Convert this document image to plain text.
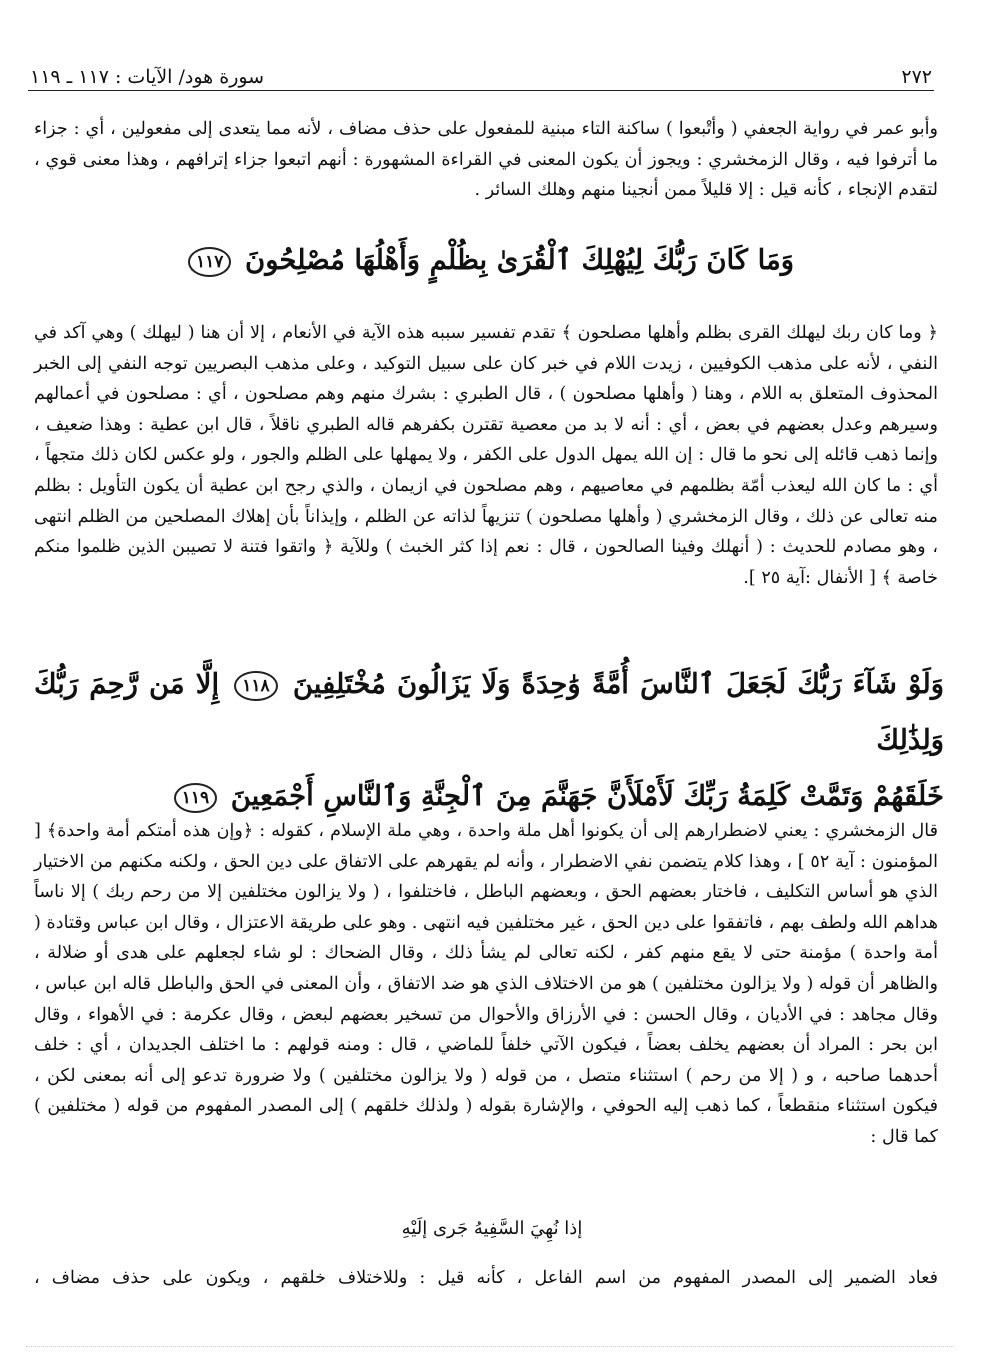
٢٧٢
سورة هود/ الآيات : ١١٧ ـ ١١٩

وأبو عمر في رواية الجعفي ( وأتْبعوا ) ساكنة التاء مبنية للمفعول على حذف مضاف ، لأنه مما يتعدى إلى مفعولين ، أي : جزاء ما أترفوا فيه ، وقال الزمخشري : ويجوز أن يكون المعنى في القراءة المشهورة : أنهم اتبعوا جزاء إترافهم ، وهذا معنى قوي ، لتقدم الإنجاء ، كأنه قيل : إلا قليلاً ممن أنجينا منهم وهلك السائر .

وَمَا كَانَ رَبُّكَ لِيُهْلِكَ ٱلْقُرَىٰ بِظُلْمٍ وَأَهْلُهَا مُصْلِحُونَ ١١٧

﴿ وما كان ربك ليهلك القرى بظلم وأهلها مصلحون ﴾ تقدم تفسير سببه هذه الآية في الأنعام ، إلا أن هنا ( ليهلك ) وهي آكد في النفي ، لأنه على مذهب الكوفيين ، زيدت اللام في خبر كان على سبيل التوكيد ، وعلى مذهب البصريين توجه النفي إلى الخبر المحذوف المتعلق به اللام ، وهنا ( وأهلها مصلحون ) ، قال الطبري : بشرك منهم وهم مصلحون ، أي : مصلحون في أعمالهم وسيرهم وعدل بعضهم في بعض ، أي : أنه لا بد من معصية تقترن بكفرهم قاله الطبري ناقلاً ، قال ابن عطية : وهذا ضعيف ، وإنما ذهب قائله إلى نحو ما قال : إن الله يمهل الدول على الكفر ، ولا يمهلها على الظلم والجور ، ولو عكس لكان ذلك متجهاً ، أي : ما كان الله ليعذب أمّة بظلمهم في معاصيهم ، وهم مصلحون في ازيمان ، والذي رجح ابن عطية أن يكون التأويل : بظلم منه تعالى عن ذلك ، وقال الزمخشري ( وأهلها مصلحون ) تنزيهاً لذاته عن الظلم ، وإيذاناً بأن إهلاك المصلحين من الظلم انتهى ، وهو مصادم للحديث : ( أنهلك وفينا الصالحون ، قال : نعم إذا كثر الخبث ) وللآية ﴿ واتقوا فتنة لا تصيبن الذين ظلموا منكم خاصة ﴾ [ الأنفال :آية ٢٥ ].

وَلَوْ شَآءَ رَبُّكَ لَجَعَلَ ٱلنَّاسَ أُمَّةً وَٰحِدَةً وَلَا يَزَالُونَ مُخْتَلِفِينَ ١١٨ إِلَّا مَن رَّحِمَ رَبُّكَ وَلِذَٰلِكَ
خَلَقَهُمْ وَتَمَّتْ كَلِمَةُ رَبِّكَ لَأَمْلَأَنَّ جَهَنَّمَ مِنَ ٱلْجِنَّةِ وَٱلنَّاسِ أَجْمَعِينَ ١١٩

قال الزمخشري : يعني لاضطرارهم إلى أن يكونوا أهل ملة واحدة ، وهي ملة الإسلام ، كقوله : ﴿وإن هذه أمتكم أمة واحدة﴾ [ المؤمنون : آية ٥٢ ] ، وهذا كلام يتضمن نفي الاضطرار ، وأنه لم يقهرهم على الاتفاق على دين الحق ، ولكنه مكنهم من الاختيار الذي هو أساس التكليف ، فاختار بعضهم الحق ، وبعضهم الباطل ، فاختلفوا ، ( ولا يزالون مختلفين إلا من رحم ربك ) إلا ناساً هداهم الله ولطف بهم ، فاتفقوا على دين الحق ، غير مختلفين فيه انتهى . وهو على طريقة الاعتزال ، وقال ابن عباس وقتادة ( أمة واحدة ) مؤمنة حتى لا يقع منهم كفر ، لكنه تعالى لم يشأ ذلك ، وقال الضحاك : لو شاء لجعلهم على هدى أو ضلالة ، والظاهر أن قوله ( ولا يزالون مختلفين ) هو من الاختلاف الذي هو ضد الاتفاق ، وأن المعنى في الحق والباطل قاله ابن عباس ، وقال مجاهد : في الأديان ، وقال الحسن : في الأرزاق والأحوال من تسخير بعضهم لبعض ، وقال عكرمة : في الأهواء ، وقال ابن بحر : المراد أن بعضهم يخلف بعضاً ، فيكون الآتي خلفاً للماضي ، قال : ومنه قولهم : ما اختلف الجديدان ، أي : خلف أحدهما صاحبه ، و ( إلا من رحم ) استثناء متصل ، من قوله ( ولا يزالون مختلفين ) ولا ضرورة تدعو إلى أنه بمعنى لكن ، فيكون استثناء منقطعاً ، كما ذهب إليه الحوفي ، والإشارة بقوله ( ولذلك خلقهم ) إلى المصدر المفهوم من قوله ( مختلفين ) كما قال :

إذا نُهِيَ السَّفِيهُ جَرى إلَيْهِ
فعاد الضمير إلى المصدر المفهوم من اسم الفاعل ، كأنه قيل : وللاختلاف خلقهم ، ويكون على حذف مضاف ،
